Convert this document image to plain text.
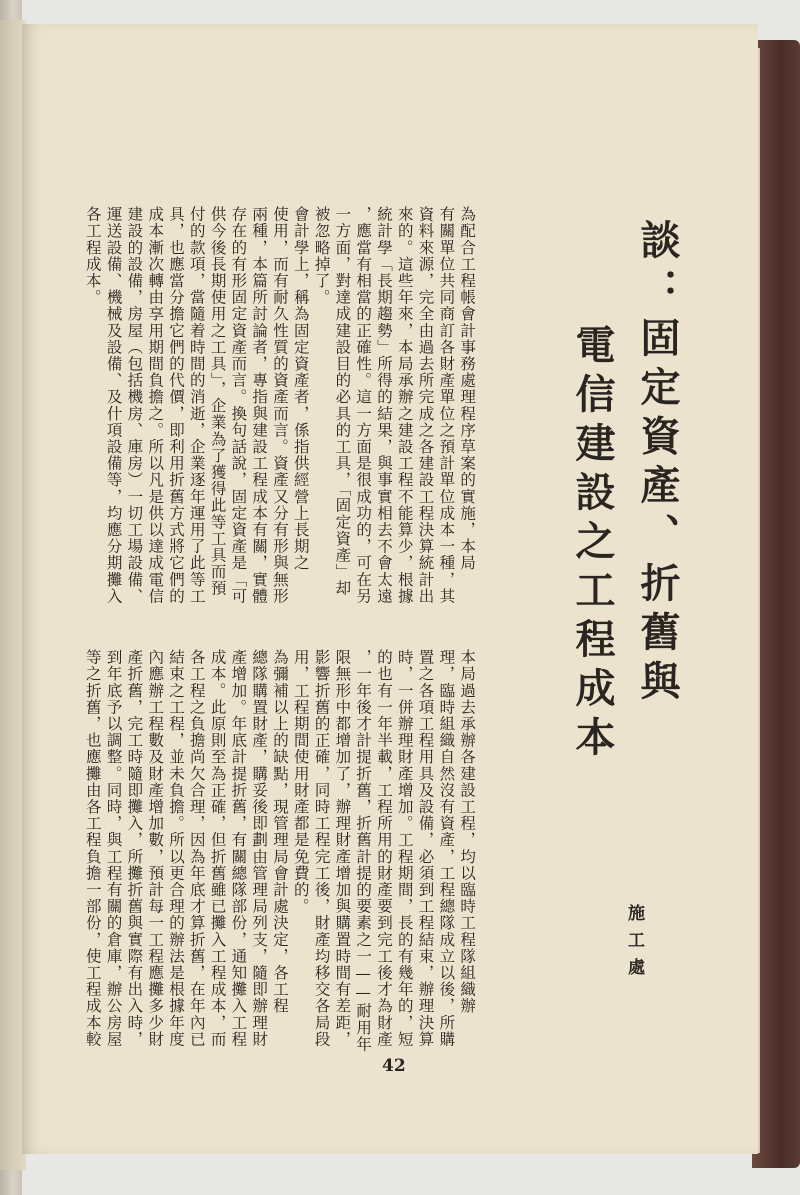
談：固定資產、折舊與
電信建設之工程成本
施工處
為配合工程帳會計事務處理程序草案的實施，本局
有關單位共同商訂各財產單位之預計單位成本一種，其
資料來源，完全由過去所完成之各建設工程決算統計出
來的。這些年來，本局承辦之建設工程不能算少，根據
統計學「長期趨勢」所得的結果，與事實相去不會太遠
，應當有相當的正確性。這一方面是很成功的，可在另
一方面，對達成建設目的必具的工具，「固定資產」却
被忽略掉了。
會計學上，稱為固定資產者，係指供經營上長期之
使用，而有耐久性質的資產而言。資產又分有形與無形
兩種，本篇所討論者，專指與建設工程成本有關，實體
存在的有形固定資產而言。換句話說，固定資產是「可
供今後長期使用之工具」，企業為了獲得此等工具而預
付的款項，當隨着時間的消逝，企業逐年運用了此等工
具，也應當分擔它們的代價，即利用折舊方式將它們的
成本漸次轉由享用期間負擔之。所以凡是供以達成電信
建設的設備，房屋（包括機房、庫房）一切工場設備、
運送設備、機械及設備、及什項設備等，均應分期攤入
各工程成本。
本局過去承辦各建設工程，均以臨時工程隊組織辦
理，臨時組織自然沒有資產，工程總隊成立以後，所購
置之各項工程用具及設備，必須到工程結束，辦理決算
時，一併辦理財產增加。工程期間，長的有幾年的，短
的也有一年半載，工程所用的財產要到完工後才為財產
，一年後才計提折舊，折舊計提的要素之一——耐用年
限無形中都增加了，辦理財產增加與購置時間有差距，
影響折舊的正確，同時工程完工後，財產均移交各局段
用，工程期間使用財產都是免費的。
為彌補以上的缺點，現管理局會計處決定，各工程
總隊購置財產，購妥後即劃由管理局列支，隨即辦理財
產增加。年底計提折舊，有關總隊部份，通知攤入工程
成本。此原則至為正確，但折舊雖已攤入工程成本，而
各工程之負擔尚欠合理，因為年底才算折舊，在年內已
結束之工程，並未負擔。所以更合理的辦法是根據年度
內應辦工程數及財產增加數，預計每一工程應攤多少財
產折舊，完工時隨即攤入，所攤折舊與實際有出入時，
到年底予以調整。同時，與工程有關的倉庫，辦公房屋
等之折舊，也應攤由各工程負擔一部份，使工程成本較
42
